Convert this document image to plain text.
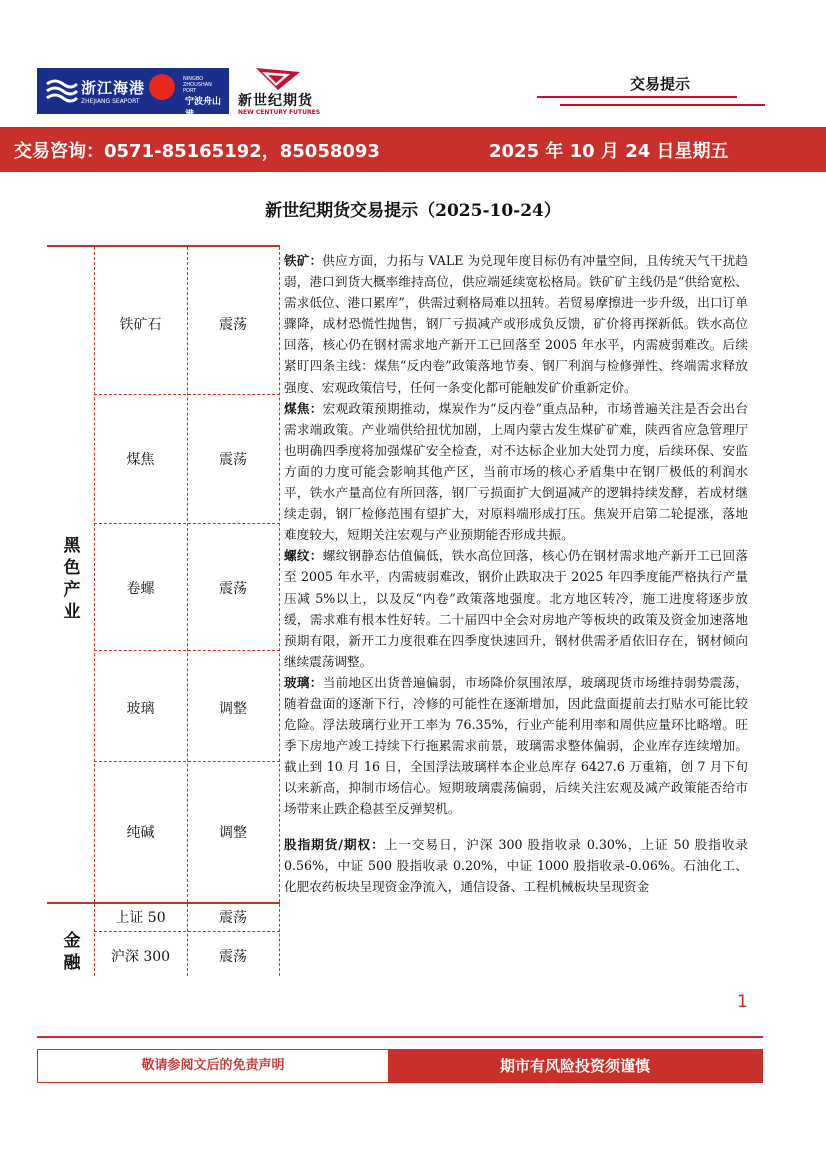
浙江海港
ZHEJIANG SEAPORT
NINGBO ZHOUSHAN PORT
宁波舟山港
新世纪期货
NEW CENTURY FUTURES
交易提示
交易咨询：0571-85165192，85058093	2025 年 10 月 24 日星期五
新世纪期货交易提示（2025-10-24）
黑
色
产
业
铁矿石	震荡
煤焦	震荡
卷螺	震荡
玻璃	调整
纯碱	调整
金
融
上证 50	震荡
沪深 300	震荡

铁矿：供应方面，力拓与 VALE 为兑现年度目标仍有冲量空间，且传统天气干扰趋弱，港口到货大概率维持高位，供应端延续宽松格局。铁矿矿主线仍是“供给宽松、需求低位、港口累库”，供需过剩格局难以扭转。若贸易摩擦进一步升级，出口订单骤降，成材恐慌性抛售，钢厂亏损减产或形成负反馈，矿价将再探新低。铁水高位回落，核心仍在钢材需求地产新开工已回落至 2005 年水平，内需疲弱难改。后续紧盯四条主线：煤焦“反内卷”政策落地节奏、钢厂利润与检修弹性、终端需求释放强度、宏观政策信号，任何一条变化都可能触发矿价重新定价。

煤焦：宏观政策预期推动，煤炭作为“反内卷”重点品种，市场普遍关注是否会出台需求端政策。产业端供给扭忧加剧，上周内蒙古发生煤矿矿难，陕西省应急管理厅也明确四季度将加强煤矿安全检查，对不达标企业加大处罚力度，后续环保、安监方面的力度可能会影响其他产区，当前市场的核心矛盾集中在钢厂极低的利润水平，铁水产量高位有所回落，钢厂亏损面扩大倒逼减产的逻辑持续发酵，若成材继续走弱，钢厂检修范围有望扩大，对原料端形成打压。焦炭开启第二轮提涨，落地难度较大，短期关注宏观与产业预期能否形成共振。

螺纹：螺纹钢静态估值偏低，铁水高位回落，核心仍在钢材需求地产新开工已回落至 2005 年水平，内需疲弱难改，钢价止跌取决于 2025 年四季度能严格执行产量压减 5%以上，以及反“内卷”政策落地强度。北方地区转冷，施工进度将逐步放缓，需求难有根本性好转。二十届四中全会对房地产等板块的政策及资金加速落地预期有限，新开工力度很难在四季度快速回升，钢材供需矛盾依旧存在，钢材倾向继续震荡调整。

玻璃：当前地区出货普遍偏弱，市场降价氛围浓厚，玻璃现货市场维持弱势震荡，随着盘面的逐渐下行，冷修的可能性在逐渐增加，因此盘面提前去打贴水可能比较危险。浮法玻璃行业开工率为 76.35%，行业产能利用率和周供应量环比略增。旺季下房地产竣工持续下行拖累需求前景，玻璃需求整体偏弱，企业库存连续增加。截止到 10 月 16 日，全国浮法玻璃样本企业总库存 6427.6 万重箱，创 7 月下旬以来新高，抑制市场信心。短期玻璃震荡偏弱，后续关注宏观及减产政策能否给市场带来止跌企稳甚至反弹契机。

股指期货/期权：上一交易日，沪深 300 股指收录 0.30%，上证 50 股指收录 0.56%，中证 500 股指收录 0.20%，中证 1000 股指收录-0.06%。石油化工、化肥农药板块呈现资金净流入，通信设备、工程机械板块呈现资金

1
敬请参阅文后的免责声明	期市有风险投资须谨慎
